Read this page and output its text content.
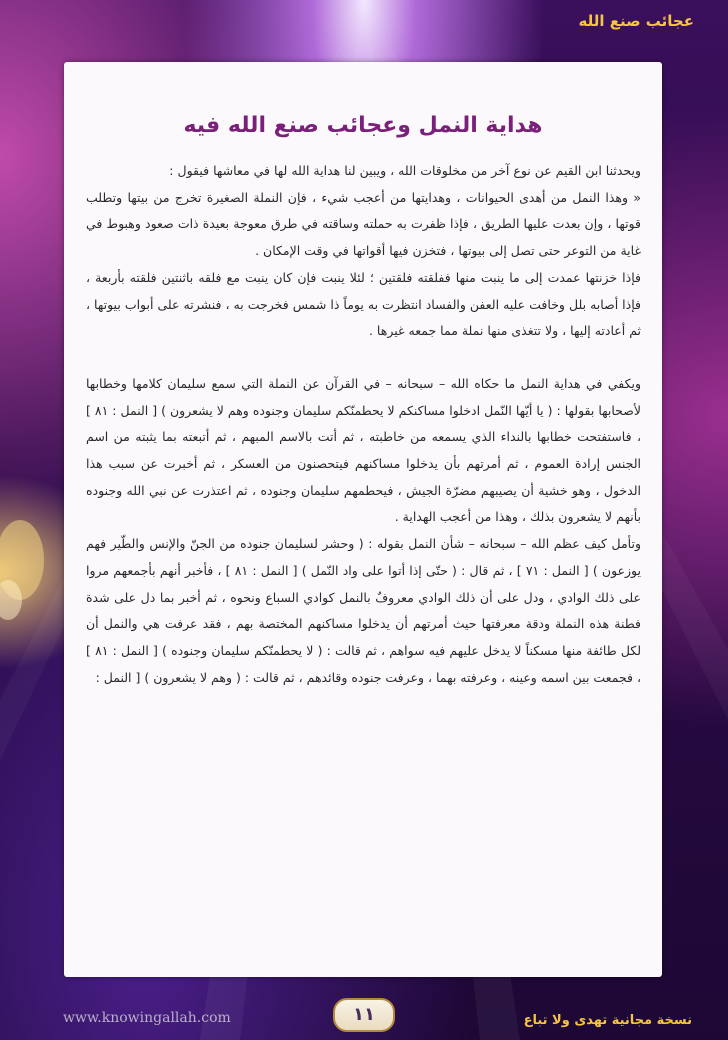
عجائب صنع الله
هداية النمل وعجائب صنع الله فيه

ويحدثنا ابن القيم عن نوع آخر من مخلوقات الله ، ويبين لنا هداية الله لها في معاشها فيقول :

« وهذا النمل من أهدى الحيوانات ، وهدايتها من أعجب شيء ، فإن النملة الصغيرة تخرج من بيتها وتطلب قوتها ، وإن بعدت عليها الطريق ، فإذا ظفرت به حملته وساقته في طرق معوجة بعيدة ذات صعود وهبوط في غاية من التوعر حتى تصل إلى بيوتها ، فتخزن فيها أقواتها في وقت الإمكان .

فإذا خزنتها عمدت إلى ما ينبت منها ففلقته فلقتين ؛ لئلا ينبت فإن كان ينبت مع فلقه باثنتين فلقته بأربعة ، فإذا أصابه بلل وخافت عليه العفن والفساد انتظرت به يوماً ذا شمس فخرجت به ، فنشرته على أبواب بيوتها ، ثم أعادته إليها ، ولا تتغذى منها نملة مما جمعه غيرها .

ويكفي في هداية النمل ما حكاه الله – سبحانه – في القرآن عن النملة التي سمع سليمان كلامها وخطابها لأصحابها بقولها : ( يا أيّها النّمل ادخلوا مساكنكم لا يحطمنّكم سليمان وجنوده وهم لا يشعرون ) [ النمل : ٨١ ] ، فاستفتحت خطابها بالنداء الذي يسمعه من خاطبته ، ثم أتت بالاسم المبهم ، ثم أتبعته بما يثبته من اسم الجنس إرادة العموم ، ثم أمرتهم بأن يدخلوا مساكنهم فيتحصنون من العسكر ، ثم أخبرت عن سبب هذا الدخول ، وهو خشية أن يصيبهم مضرّة الجيش ، فيحطمهم سليمان وجنوده ، ثم اعتذرت عن نبي الله وجنوده بأنهم لا يشعرون بذلك ، وهذا من أعجب الهداية .

وتأمل كيف عظم الله – سبحانه – شأن النمل بقوله : ( وحشر لسليمان جنوده من الجنّ والإنس والطّير فهم يوزعون ) [ النمل : ٧١ ] ، ثم قال : ( حتّى إذا أتوا على واد النّمل ) [ النمل : ٨١ ] ، فأخبر أنهم بأجمعهم مروا على ذلك الوادي ، ودل على أن ذلك الوادي معروفٌ بالنمل كوادي السباع ونحوه ، ثم أخبر بما دل على شدة فطنة هذه النملة ودقة معرفتها حيث أمرتهم أن يدخلوا مساكنهم المختصة بهم ، فقد عرفت هي والنمل أن لكل طائفة منها مسكناً لا يدخل عليهم فيه سواهم ، ثم قالت : ( لا يحطمنّكم سليمان وجنوده ) [ النمل : ٨١ ] ، فجمعت بين اسمه وعينه ، وعرفته بهما ، وعرفت جنوده وقائدهم ، ثم قالت : ( وهم لا يشعرون ) [ النمل :

www.knowingallah.com	١١	نسخة مجانية تهدى ولا تباع
